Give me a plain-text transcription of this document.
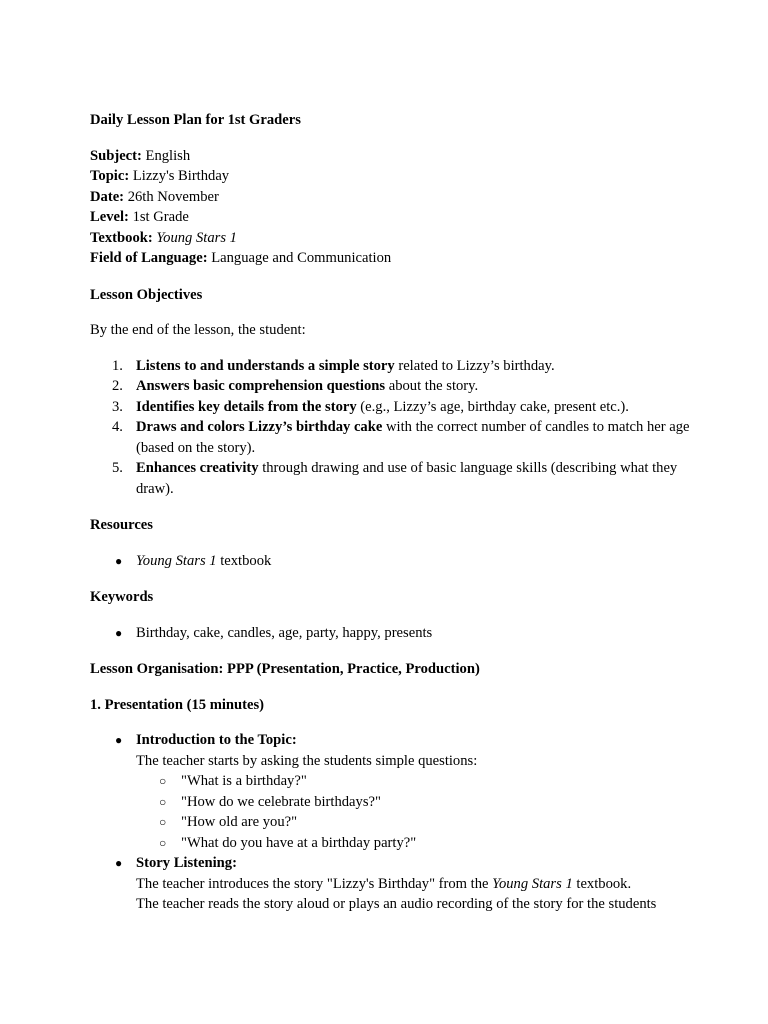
Daily Lesson Plan for 1st Graders

Subject: English
Topic: Lizzy's Birthday
Date: 26th November
Level: 1st Grade
Textbook: Young Stars 1
Field of Language: Language and Communication

Lesson Objectives

By the end of the lesson, the student:

1. Listens to and understands a simple story related to Lizzy’s birthday.
2. Answers basic comprehension questions about the story.
3. Identifies key details from the story (e.g., Lizzy’s age, birthday cake, present etc.).
4. Draws and colors Lizzy’s birthday cake with the correct number of candles to match her age (based on the story).
5. Enhances creativity through drawing and use of basic language skills (describing what they draw).

Resources

● Young Stars 1 textbook

Keywords

● Birthday, cake, candles, age, party, happy, presents

Lesson Organisation: PPP (Presentation, Practice, Production)

1. Presentation (15 minutes)

● Introduction to the Topic:
The teacher starts by asking the students simple questions:
○ "What is a birthday?"
○ "How do we celebrate birthdays?"
○ "How old are you?"
○ "What do you have at a birthday party?"
● Story Listening:
The teacher introduces the story "Lizzy's Birthday" from the Young Stars 1 textbook.
The teacher reads the story aloud or plays an audio recording of the story for the students
